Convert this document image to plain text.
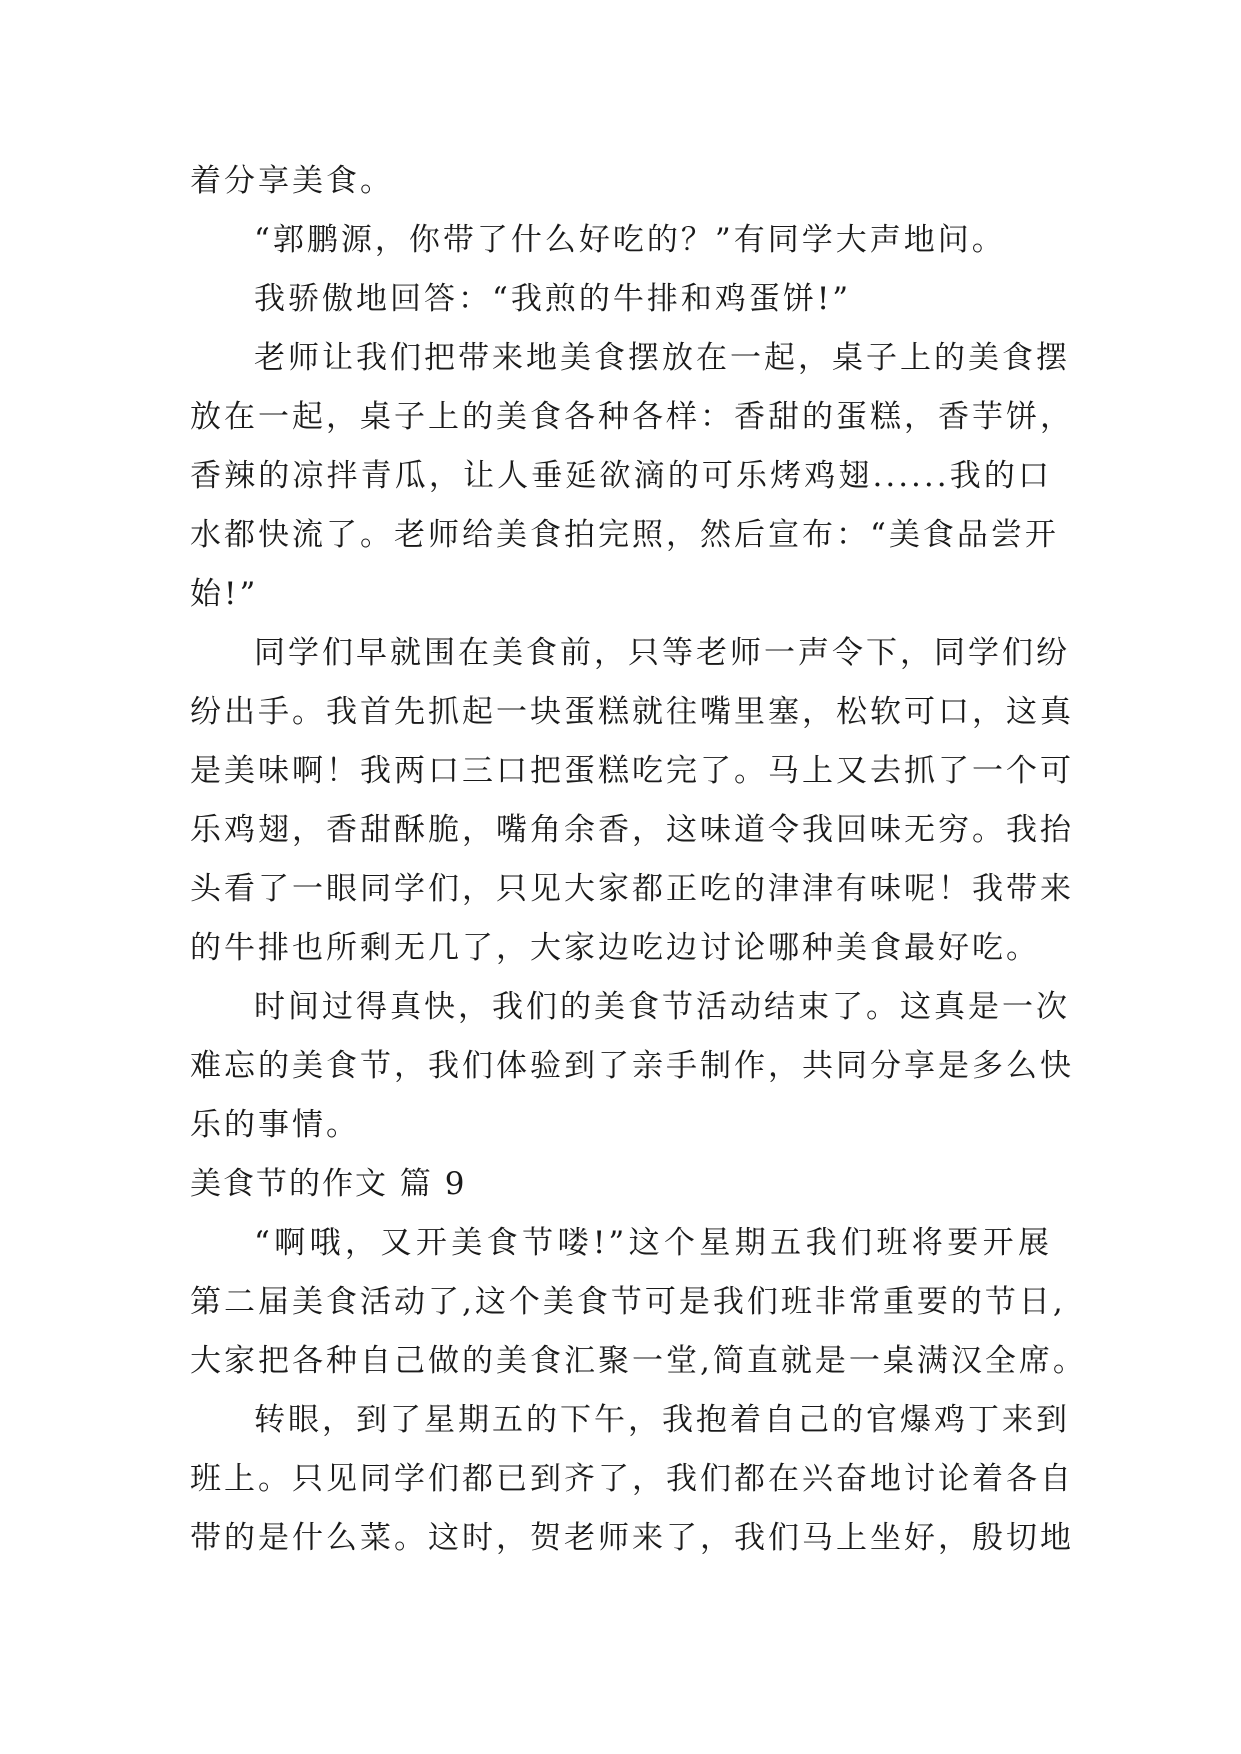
着分享美食。
“郭鹏源，你带了什么好吃的？”有同学大声地问。
我骄傲地回答：“我煎的牛排和鸡蛋饼!”
老师让我们把带来地美食摆放在一起，桌子上的美食摆
放在一起，桌子上的美食各种各样：香甜的蛋糕，香芋饼，
香辣的凉拌青瓜，让人垂延欲滴的可乐烤鸡翅......我的口
水都快流了。老师给美食拍完照，然后宣布：“美食品尝开
始!”
同学们早就围在美食前，只等老师一声令下，同学们纷
纷出手。我首先抓起一块蛋糕就往嘴里塞，松软可口，这真
是美味啊！我两口三口把蛋糕吃完了。马上又去抓了一个可
乐鸡翅，香甜酥脆，嘴角余香，这味道令我回味无穷。我抬
头看了一眼同学们，只见大家都正吃的津津有味呢！我带来
的牛排也所剩无几了，大家边吃边讨论哪种美食最好吃。
时间过得真快，我们的美食节活动结束了。这真是一次
难忘的美食节，我们体验到了亲手制作，共同分享是多么快
乐的事情。
美食节的作文 篇 9
“啊哦，又开美食节喽!”这个星期五我们班将要开展
第二届美食活动了,这个美食节可是我们班非常重要的节日,
大家把各种自己做的美食汇聚一堂,简直就是一桌满汉全席。
转眼，到了星期五的下午，我抱着自己的官爆鸡丁来到
班上。只见同学们都已到齐了，我们都在兴奋地讨论着各自
带的是什么菜。这时，贺老师来了，我们马上坐好，殷切地
